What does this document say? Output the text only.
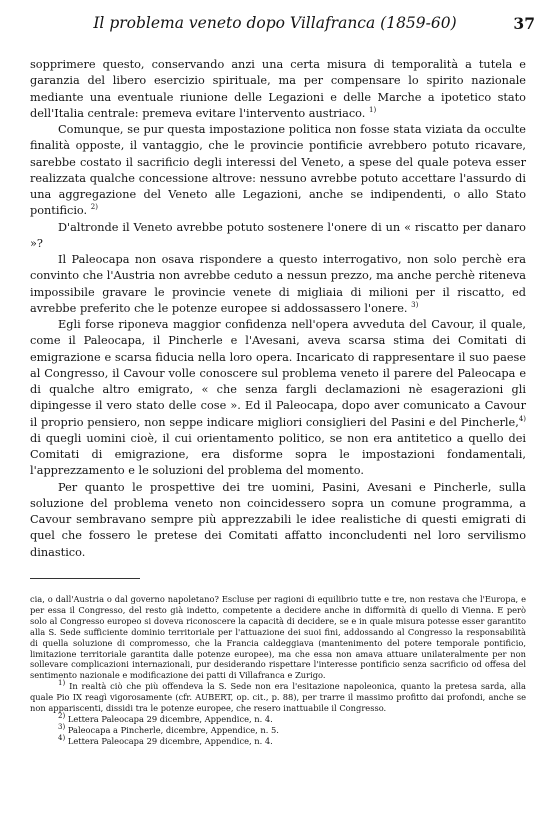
Il problema veneto dopo Villafranca (1859-60)	37

sopprimere questo, conservando anzi una certa misura di temporalità a tutela e garanzia del libero esercizio spirituale, ma per compensare lo spirito nazionale mediante una eventuale riunione delle Legazioni e delle Marche a ipotetico stato dell'Italia centrale: premeva evitare l'intervento austriaco. $^{1)}$

Comunque, se pur questa impostazione politica non fosse stata viziata da occulte finalità opposte, il vantaggio, che le provincie pontificie avrebbero potuto ricavare, sarebbe costato il sacrificio degli interessi del Veneto, a spese del quale poteva esser realizzata qualche concessione altrove: nessuno avrebbe potuto accettare l'assurdo di una aggregazione del Veneto alle Legazioni, anche se indipendenti, o allo Stato pontificio. $^{2)}$

D'altronde il Veneto avrebbe potuto sostenere l'onere di un « riscatto per danaro »?

Il Paleocapa non osava rispondere a questo interrogativo, non solo perchè era convinto che l'Austria non avrebbe ceduto a nessun prezzo, ma anche perchè riteneva impossibile gravare le provincie venete di migliaia di milioni per il riscatto, ed avrebbe preferito che le potenze europee si addossassero l'onere. $^{3)}$

Egli forse riponeva maggior confidenza nell'opera avveduta del Cavour, il quale, come il Paleocapa, il Pincherle e l'Avesani, aveva scarsa stima dei Comitati di emigrazione e scarsa fiducia nella loro opera. Incaricato di rappresentare il suo paese al Congresso, il Cavour volle conoscere sul problema veneto il parere del Paleocapa e di qualche altro emigrato, « che senza fargli declamazioni nè esagerazioni gli dipingesse il vero stato delle cose ». Ed il Paleocapa, dopo aver comunicato a Cavour il proprio pensiero, non seppe indicare migliori consiglieri del Pasini e del Pincherle,$^{4)}$ di quegli uomini cioè, il cui orientamento politico, se non era antitetico a quello dei Comitati di emigrazione, era disforme sopra le impostazioni fondamentali, l'apprezzamento e le soluzioni del problema del momento.

Per quanto le prospettive dei tre uomini, Pasini, Avesani e Pincherle, sulla soluzione del problema veneto non coincidessero sopra un comune programma, a Cavour sembravano sempre più apprezzabili le idee realistiche di questi emigrati di quel che fossero le pretese dei Comitati affatto inconcludenti nel loro servilismo dinastico.

cia, o dall'Austria o dal governo napoletano? Escluse per ragioni di equilibrio tutte e tre, non restava che l'Europa, e per essa il Congresso, del resto già indetto, competente a decidere anche in difformità di quello di Vienna. E però solo al Congresso europeo si doveva riconoscere la capacità di decidere, se e in quale misura potesse esser garantito alla S. Sede sufficiente dominio territoriale per l'attuazione dei suoi fini, addossando al Congresso la responsabilità di quella soluzione di compromesso, che la Francia caldeggiava (mantenimento del potere temporale pontificio, limitazione territoriale garantita dalle potenze europee), ma che essa non amava attuare unilateralmente per non sollevare complicazioni internazionali, pur desiderando rispettare l'interesse pontificio senza sacrificio od offesa del sentimento nazionale e modificazione dei patti di Villafranca e Zurigo.

$^{1)}$ In realtà ciò che più offendeva la S. Sede non era l'esitazione napoleonica, quanto la pretesa sarda, alla quale Pio IX reagì vigorosamente (cfr. AUBERT, op. cit., p. 88), per trarre il massimo profitto dai profondi, anche se non appariscenti, dissidi tra le potenze europee, che resero inattuabile il Congresso.

$^{2)}$ Lettera Paleocapa 29 dicembre, Appendice, n. 4.

$^{3)}$ Paleocapa a Pincherle, dicembre, Appendice, n. 5.

$^{4)}$ Lettera Paleocapa 29 dicembre, Appendice, n. 4.
